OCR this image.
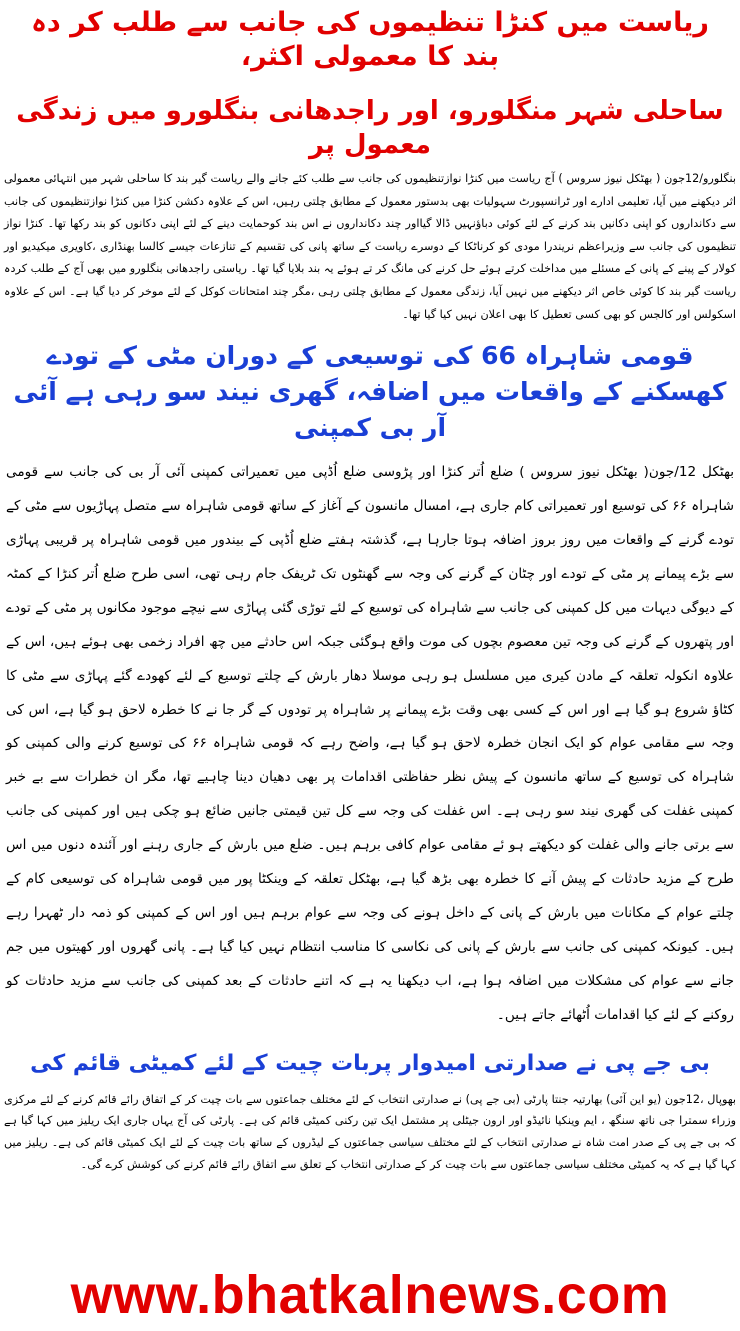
ریاست میں کنڑا تنظیموں کی جانب سے طلب کر دہ بند کا معمولی اکثر،
ساحلی شہر منگلورو، اور راجدھانی بنگلورو میں زندگی معمول پر

بنگلورو/12جون ( بھٹکل نیوز سروس ) آج ریاست میں کنڑا نوازتنظیموں کی جانب سے طلب کئے جانے والے ریاست گیر بند کا ساحلی شہر میں انتہائی معمولی اثر دیکھنے میں آیا، تعلیمی ادارے اور ٹرانسپورٹ سہولیات بھی بدستور معمول کے مطابق چلتی رہیں، اس کے علاوہ دکشن کنڑا میں کنڑا نوازتنظیموں کی جانب سے دکانداروں کو اپنی دکانیں بند کرنے کے لئے کوئی دباؤنہیں ڈالا گیااور چند دکانداروں نے اس بند کوحمایت دینے کے لئے اپنی دکانوں کو بند رکھا تھا۔ کنڑا نواز تنظیموں کی جانب سے وزیراعظم نریندرا مودی کو کرناٹکا کے دوسرے ریاست کے ساتھ پانی کی تقسیم کے تنازعات جیسے کالسا بھنڈاری ،کاویری میکیدیو اور کولار کے پینے کے پانی کے مسئلے میں مداخلت کرتے ہوئے حل کرنے کی مانگ کر تے ہوئے یہ بند بلایا گیا تھا۔ ریاستی راجدھانی بنگلورو میں بھی آج کے طلب کردہ ریاست گیر بند کا کوئی خاص اثر دیکھنے میں نہیں آیا، زندگی معمول کے مطابق چلتی رہی ،مگر چند امتحانات کوکل کے لئے موخر کر دیا گیا ہے۔ اس کے علاوہ اسکولس اور کالجس کو بھی کسی تعطیل کا بھی اعلان نہیں کیا گیا تھا۔

قومی شاہراہ 66 کی توسیعی کے دوران مٹی کے تودے کھسکنے کے واقعات میں اضافہ، گھری نیند سو رہی ہے آئی آر بی کمپنی

بھٹکل 12/جون( بھٹکل نیوز سروس ) ضلع اُتر کنڑا اور پڑوسی ضلع اُڈپی میں تعمیراتی کمپنی آئی آر بی کی جانب سے قومی شاہراہ ۶۶ کی توسیع اور تعمیراتی کام جاری ہے، امسال مانسون کے آغاز کے ساتھ قومی شاہراہ سے متصل پہاڑیوں سے مٹی کے تودے گرنے کے واقعات میں روز بروز اضافہ ہوتا جارہا ہے، گذشتہ ہفتے ضلع اُڈپی کے بیندور میں قومی شاہراہ پر قریبی پہاڑی سے بڑے پیمانے پر مٹی کے تودے اور چٹان کے گرنے کی وجہ سے گھنٹوں تک ٹریفک جام رہی تھی، اسی طرح ضلع اُتر کنڑا کے کمٹہ کے دیوگی دیہات میں کل کمپنی کی جانب سے شاہراہ کی توسیع کے لئے توڑی گئی پہاڑی سے نیچے موجود مکانوں پر مٹی کے تودے اور پتھروں کے گرنے کی وجہ تین معصوم بچوں کی موت واقع ہوگئی جبکہ اس حادثے میں چھ افراد زخمی بھی ہوئے ہیں، اس کے علاوہ انکولہ تعلقہ کے مادن کیری میں مسلسل ہو رہی موسلا دھار بارش کے چلتے توسیع کے لئے کھودے گئے پہاڑی سے مٹی کا کٹاؤ شروع ہو گیا ہے اور اس کے کسی بھی وقت بڑے پیمانے پر شاہراہ پر تودوں کے گر جا نے کا خطرہ لاحق ہو گیا ہے، اس کی وجہ سے مقامی عوام کو ایک انجان خطرہ لاحق ہو گیا ہے، واضح رہے کہ قومی شاہراہ ۶۶ کی توسیع کرنے والی کمپنی کو شاہراہ کی توسیع کے ساتھ مانسون کے پیش نظر حفاظتی اقدامات پر بھی دھیان دینا چاہیے تھا، مگر ان خطرات سے بے خبر کمپنی غفلت کی گھری نیند سو رہی ہے۔ اس غفلت کی وجہ سے کل تین قیمتی جانیں ضائع ہو چکی ہیں اور کمپنی کی جانب سے برتی جانے والی غفلت کو دیکھتے ہو ئے مقامی عوام کافی برہم ہیں۔ ضلع میں بارش کے جاری رہنے اور آئندہ دنوں میں اس طرح کے مزید حادثات کے پیش آنے کا خطرہ بھی بڑھ گیا ہے، بھٹکل تعلقہ کے وینکٹا پور میں قومی شاہراہ کی توسیعی کام کے چلتے عوام کے مکانات میں بارش کے پانی کے داخل ہونے کی وجہ سے عوام برہم ہیں اور اس کے کمپنی کو ذمہ دار ٹھہرا رہے ہیں۔ کیونکہ کمپنی کی جانب سے بارش کے پانی کی نکاسی کا مناسب انتظام نہیں کیا گیا ہے۔ پانی گھروں اور کھیتوں میں جم جانے سے عوام کی مشکلات میں اضافہ ہوا ہے، اب دیکھنا یہ ہے کہ اتنے حادثات کے بعد کمپنی کی جانب سے مزید حادثات کو روکنے کے لئے کیا اقدامات اُٹھائے جاتے ہیں۔

بی جے پی نے صدارتی امیدوار پربات چیت کے لئے کمیٹی قائم کی

بھوپال ،12جون (یو این آئی) بھارتیہ جنتا پارٹی (بی جے پی) نے صدارتی انتخاب کے لئے مختلف جماعتوں سے بات چیت کر کے اتفاق رائے قائم کرنے کے لئے مرکزی وزراء سمترا جی ناتھ سنگھ ، ایم وینکیا نائیڈو اور ارون جیٹلی پر مشتمل ایک تین رکنی کمیٹی قائم کی ہے۔ پارٹی کی آج یہاں جاری ایک ریلیز میں کہا گیا ہے کہ بی جے پی کے صدر امت شاہ نے صدارتی انتخاب کے لئے مختلف سیاسی جماعتوں کے لیڈروں کے ساتھ بات چیت کے لئے ایک کمیٹی قائم کی ہے۔ ریلیز میں کہا گیا ہے کہ یہ کمیٹی مختلف سیاسی جماعتوں سے بات چیت کر کے صدارتی انتخاب کے تعلق سے اتفاق رائے قائم کرنے کی کوشش کرے گی۔

www.bhatkalnews.com
